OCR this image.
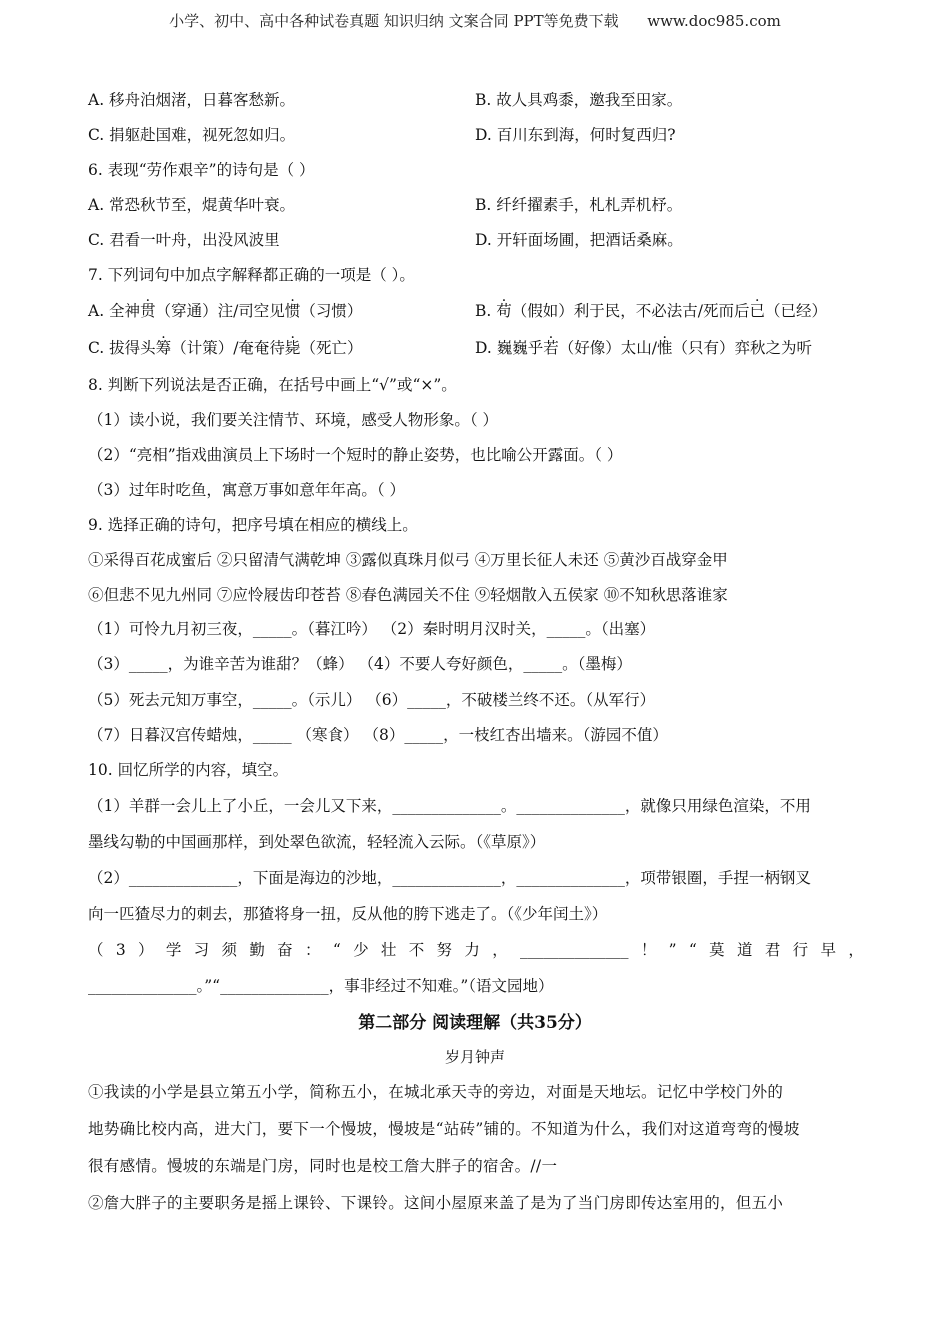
小学、初中、高中各种试卷真题 知识归纳 文案合同 PPT等免费下载 www.doc985.com
A. 移舟泊烟渚，日暮客愁新。	B. 故人具鸡黍，邀我至田家。
C. 捐躯赴国难，视死忽如归。	D. 百川东到海，何时复西归?
6. 表现“劳作艰辛”的诗句是（ ）
A. 常恐秋节至，焜黄华叶衰。	B. 纤纤擢素手，札札弄机杼。
C. 君看一叶舟，出没风波里	D. 开轩面场圃，把酒话桑麻。
7. 下列词句中加点字解释都正确的一项是（ ）。
A. 全神贯（穿通）注/司空见惯（习惯）	B. 苟（假如）利于民，不必法古/死而后已（已经）
C. 拔得头筹（计策）/奄奄待毙（死亡）	D. 巍巍乎若（好像）太山/惟（只有）弈秋之为听
8. 判断下列说法是否正确，在括号中画上“√”或“×”。
（1）读小说，我们要关注情节、环境，感受人物形象。（ ）
（2）“亮相”指戏曲演员上下场时一个短时的静止姿势，也比喻公开露面。（ ）
（3）过年时吃鱼，寓意万事如意年年高。（ ）
9. 选择正确的诗句，把序号填在相应的横线上。
①采得百花成蜜后 ②只留清气满乾坤 ③露似真珠月似弓 ④万里长征人未还 ⑤黄沙百战穿金甲
⑥但悲不见九州同 ⑦应怜屐齿印苍苔 ⑧春色满园关不住 ⑨轻烟散入五侯家 ⑩不知秋思落谁家
（1）可怜九月初三夜，_____。（暮江吟） （2）秦时明月汉时关，_____。（出塞）
（3）_____，为谁辛苦为谁甜？（蜂） （4）不要人夸好颜色，_____。（墨梅）
（5）死去元知万事空，_____。（示儿） （6）_____，不破楼兰终不还。（从军行）
（7）日暮汉宫传蜡烛，_____ （寒食） （8）_____，一枝红杏出墙来。（游园不值）
10. 回忆所学的内容，填空。
（1）羊群一会儿上了小丘，一会儿又下来，______________。______________，就像只用绿色渲染，不用
墨线勾勒的中国画那样，到处翠色欲流，轻轻流入云际。（《草原》）
（2）______________，下面是海边的沙地，______________，______________，项带银圈，手捏一柄钢叉
向一匹猹尽力的刺去，那猹将身一扭，反从他的胯下逃走了。（《少年闰土》）
（ 3 ） 学 习 须 勤 奋 ： “ 少 壮 不 努 力 ， ______________ ！ ” “ 莫 道 君 行 早 ，
______________。”“______________，事非经过不知难。”（语文园地）
第二部分 阅读理解（共35分）
岁月钟声
①我读的小学是县立第五小学，简称五小，在城北承天寺的旁边，对面是天地坛。记忆中学校门外的
地势确比校内高，进大门，要下一个慢坡，慢坡是“站砖”铺的。不知道为什么，我们对这道弯弯的慢坡
很有感情。慢坡的东端是门房，同时也是校工詹大胖子的宿舍。//一
②詹大胖子的主要职务是摇上课铃、下课铃。这间小屋原来盖了是为了当门房即传达室用的，但五小
